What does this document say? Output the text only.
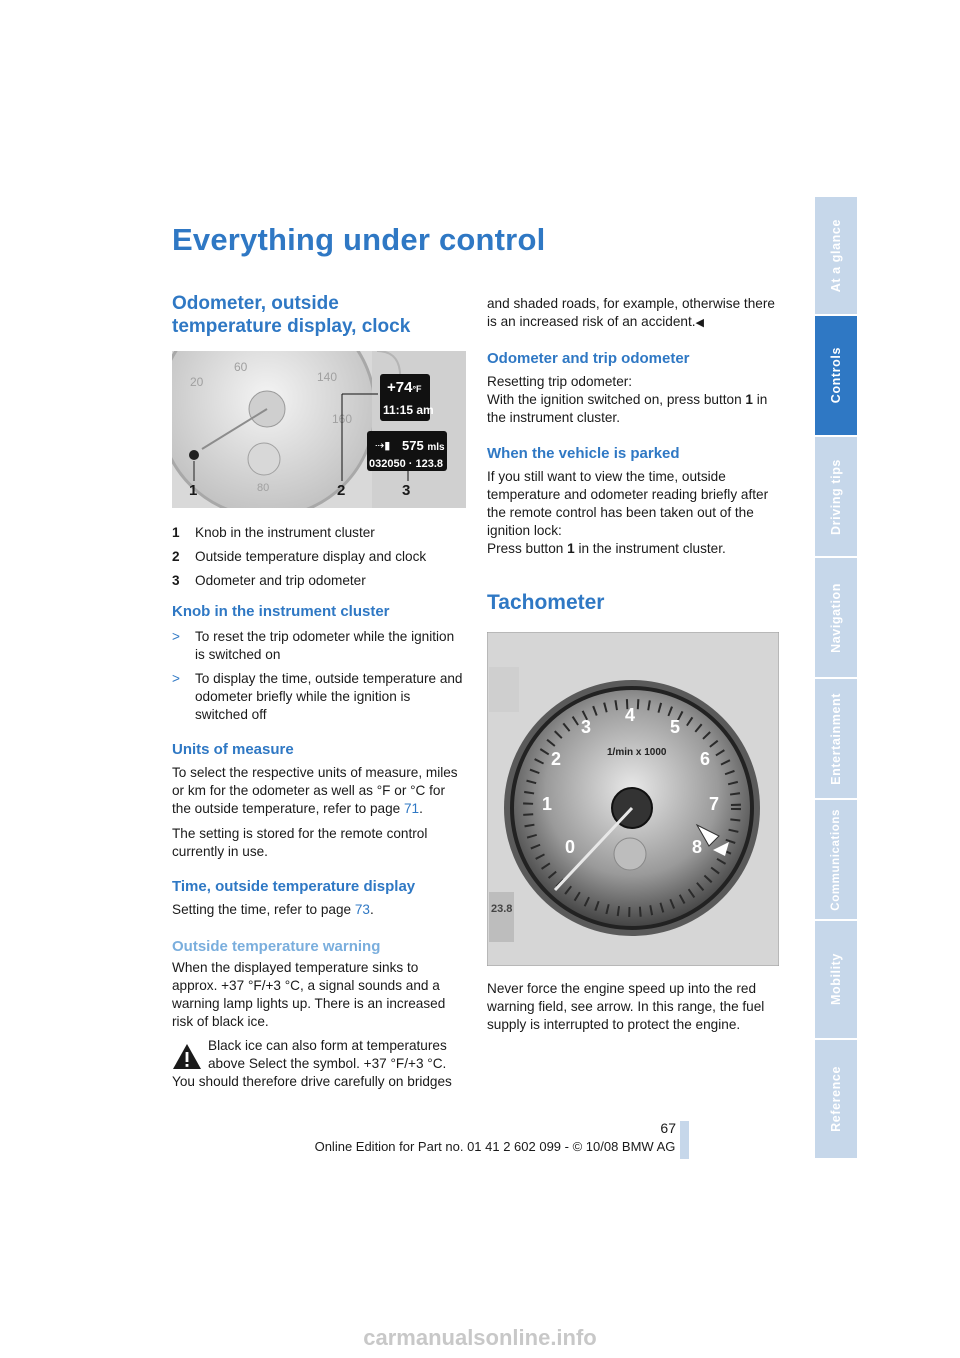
Everything under control
Odometer, outside temperature display, clock
20
60
140
160
80
+74°F
11:15 am
575 mls
⇢▮
032050 · 123.8
1	2	3
1	Knob in the instrument cluster
2	Outside temperature display and clock
3	Odometer and trip odometer
Knob in the instrument cluster
>	To reset the trip odometer while the ignition is switched on
>	To display the time, outside temperature and odometer briefly while the ignition is switched off
Units of measure

To select the respective units of measure, miles or km for the odometer as well as °F or °C for the outside temperature, refer to page 71.

The setting is stored for the remote control currently in use.

Time, outside temperature display

Setting the time, refer to page 73.

Outside temperature warning

When the displayed temperature sinks to approx. +37 °F/+3 °C, a signal sounds and a warning lamp lights up. There is an increased risk of black ice.

Black ice can also form at temperatures above Select the symbol. +37 °F/+3 °C.

You should therefore drive carefully on bridges

and shaded roads, for example, otherwise there is an increased risk of an accident.◀

Odometer and trip odometer

Resetting trip odometer:

With the ignition switched on, press button 1 in the instrument cluster.

When the vehicle is parked

If you still want to view the time, outside temperature and odometer reading briefly after the remote control has been taken out of the ignition lock:

Press button 1 in the instrument cluster.

Tachometer
23.8
1/min x 1000
0
1
2
3
4
5
6
7
8

Never force the engine speed up into the red warning field, see arrow. In this range, the fuel supply is interrupted to protect the engine.

At a glance
Controls
Driving tips
Navigation
Entertainment
Communications
Mobility
Reference
67
Online Edition for Part no. 01 41 2 602 099 - © 10/08 BMW AG
carmanualsonline.info
